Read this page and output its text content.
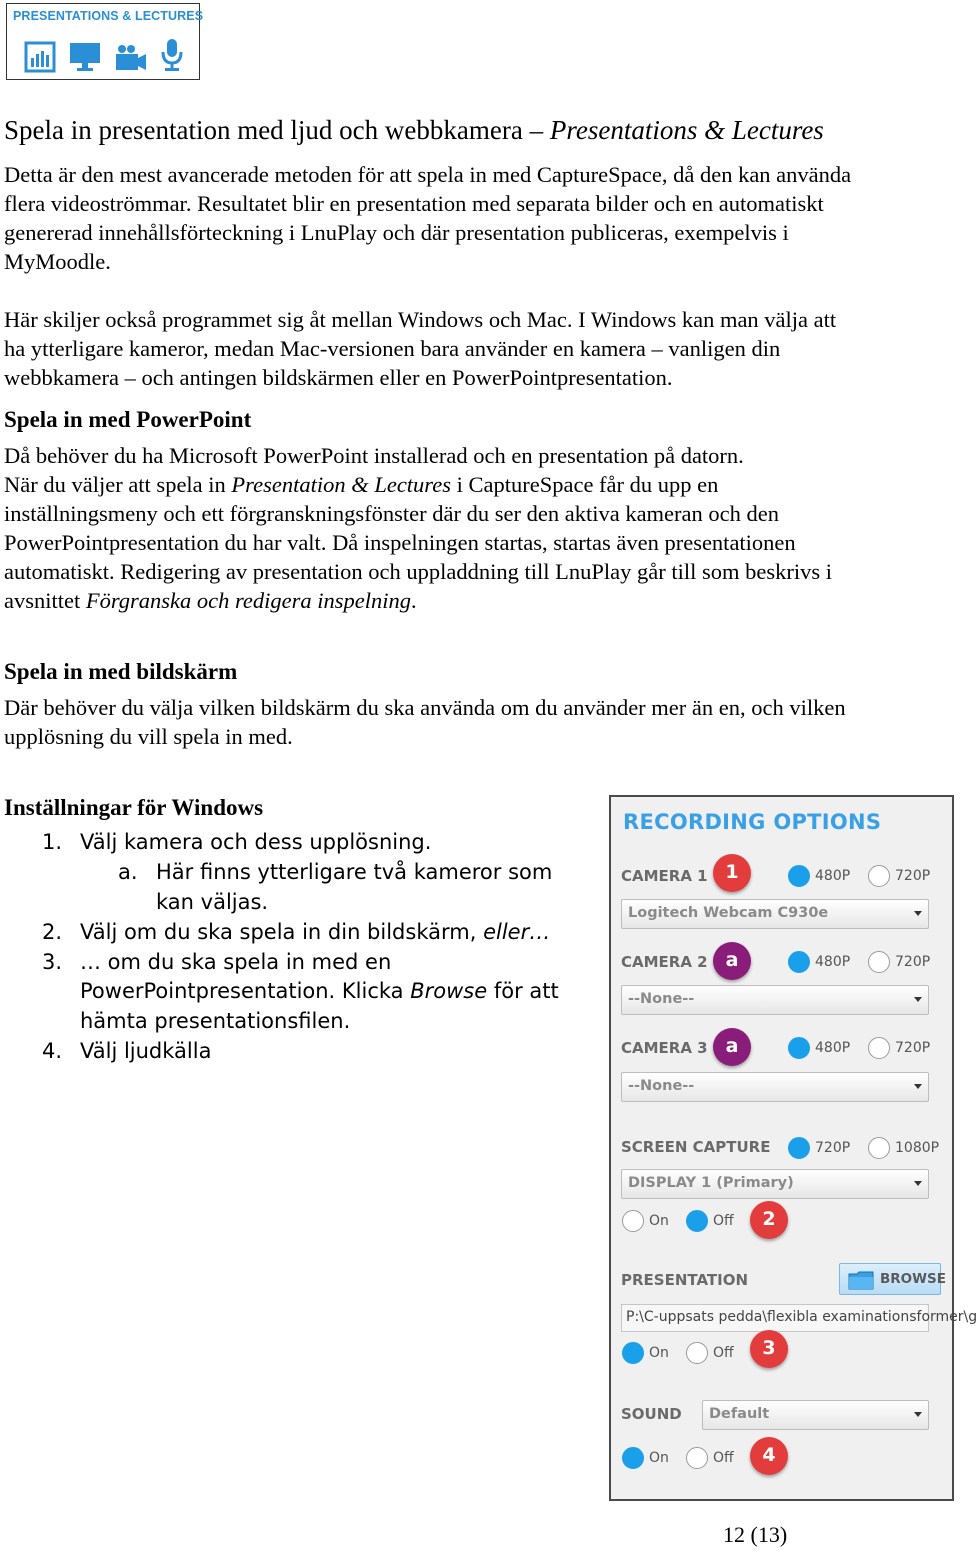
PRESENTATIONS & LECTURES
Spela in presentation med ljud och webbkamera – Presentations & Lectures
Detta är den mest avancerade metoden för att spela in med CaptureSpace, då den kan använda
flera videoströmmar. Resultatet blir en presentation med separata bilder och en automatiskt
genererad innehållsförteckning i LnuPlay och där presentation publiceras, exempelvis i
MyMoodle.
Här skiljer också programmet sig åt mellan Windows och Mac. I Windows kan man välja att
ha ytterligare kameror, medan Mac-versionen bara använder en kamera – vanligen din
webbkamera – och antingen bildskärmen eller en PowerPointpresentation.
Spela in med PowerPoint
Då behöver du ha Microsoft PowerPoint installerad och en presentation på datorn.
När du väljer att spela in Presentation & Lectures i CaptureSpace får du upp en
inställningsmeny och ett förgranskningsfönster där du ser den aktiva kameran och den
PowerPointpresentation du har valt. Då inspelningen startas, startas även presentationen
automatiskt. Redigering av presentation och uppladdning till LnuPlay går till som beskrivs i
avsnittet Förgranska och redigera inspelning.
Spela in med bildskärm
Där behöver du välja vilken bildskärm du ska använda om du använder mer än en, och vilken
upplösning du vill spela in med.
Inställningar för Windows
1. Välj kamera och dess upplösning.
a. Här finns ytterligare två kameror som
kan väljas.
2. Välj om du ska spela in din bildskärm, eller…
3. … om du ska spela in med en
PowerPointpresentation. Klicka Browse för att
hämta presentationsfilen.
4. Välj ljudkälla
RECORDING OPTIONS
CAMERA 1 1	480P	720P
Logitech Webcam C930e
CAMERA 2 a	480P	720P
--None--
CAMERA 3 a	480P	720P
--None--
SCREEN CAPTURE	720P	1080P
DISPLAY 1 (Primary)
On	Off	2
PRESENTATION	BROWSE
P:\C-uppsats pedda\flexibla examinationsformer\g
On	Off	3
SOUND Default
On	Off	4
12 (13)
